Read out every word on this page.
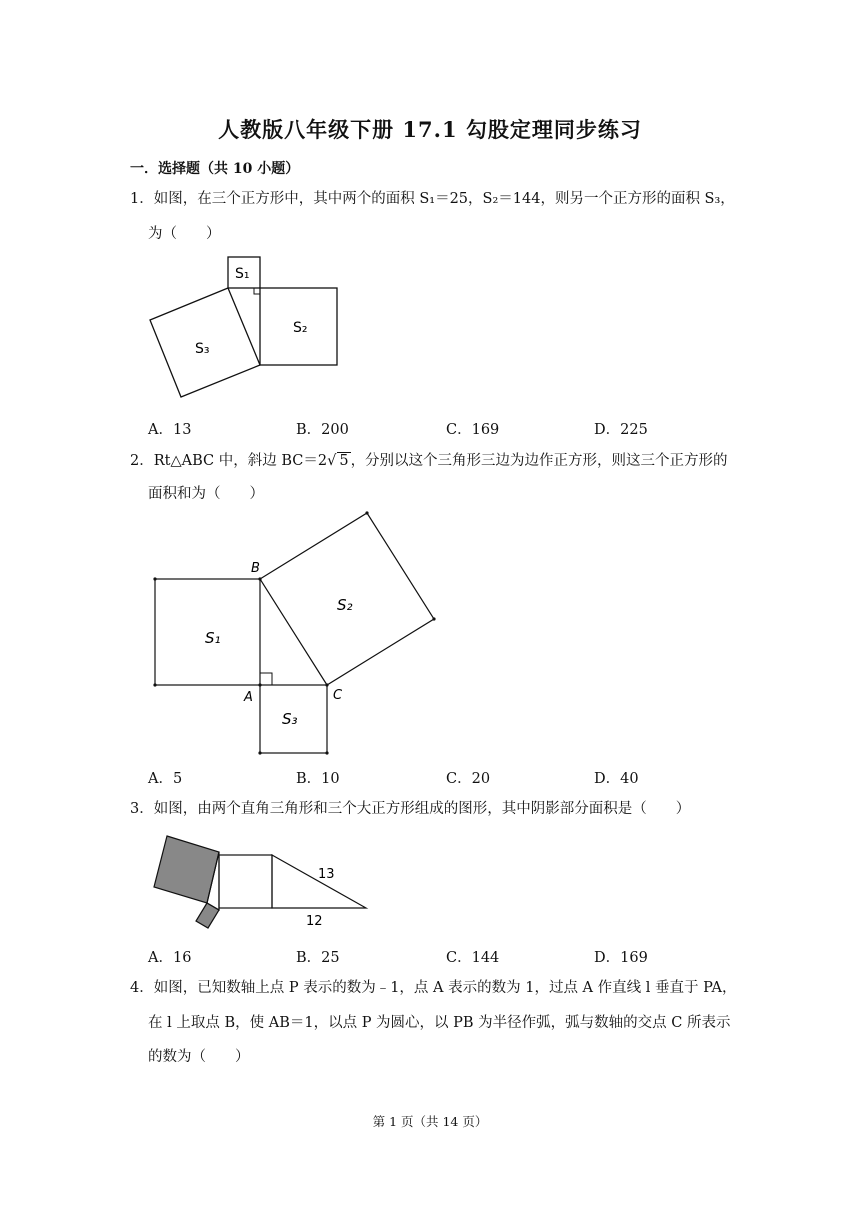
人教版八年级下册 17.1 勾股定理同步练习
一．选择题（共 10 小题）
1．如图，在三个正方形中，其中两个的面积 S₁＝25，S₂＝144，则另一个正方形的面积 S₃，
为（　　）
S₁
S₂
S₃
A．13	B．200	C．169	D．225
2．Rt△ABC 中，斜边 BC＝2√ 5 ，分别以这个三角形三边为边作正方形，则这三个正方形的
面积和为（　　）
B
A	C
S₁
S₂
S₃
A．5	B．10	C．20	D．40
3．如图，由两个直角三角形和三个大正方形组成的图形，其中阴影部分面积是（　　）
13
12
A．16	B．25	C．144	D．169
4．如图，已知数轴上点 P 表示的数为﹣1，点 A 表示的数为 1，过点 A 作直线 l 垂直于 PA，
在 l 上取点 B，使 AB＝1，以点 P 为圆心，以 PB 为半径作弧，弧与数轴的交点 C 所表示
的数为（　　）
第 1 页（共 14 页）
